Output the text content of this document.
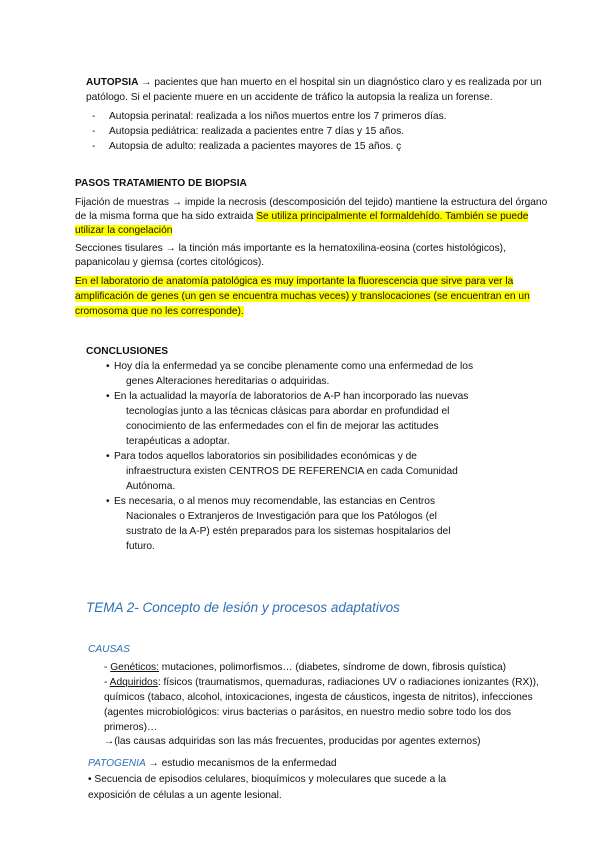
AUTOPSIA → pacientes que han muerto en el hospital sin un diagnóstico claro y es realizada por un
patólogo. Si el paciente muere en un accidente de tráfico la autopsia la realiza un forense.
- Autopsia perinatal: realizada a los niños muertos entre los 7 primeros días.
- Autopsia pediátrica: realizada a pacientes entre 7 días y 15 años.
- Autopsia de adulto: realizada a pacientes mayores de 15 años. ç
PASOS TRATAMIENTO DE BIOPSIA
Fijación de muestras → impide la necrosis (descomposición del tejido) mantiene la estructura del órgano
de la misma forma que ha sido extraida Se utiliza principalmente el formaldehído. También se puede
utilizar la congelación
Secciones tisulares → la tinción más importante es la hematoxilina-eosina (cortes histológicos),
papanicolau y giemsa (cortes citológicos).
En el laboratorio de anatomía patológica es muy importante la fluorescencia que sirve para ver la
amplificación de genes (un gen se encuentra muchas veces) y translocaciones (se encuentran en un
cromosoma que no les corresponde).
CONCLUSIONES
• Hoy día la enfermedad ya se concibe plenamente como una enfermedad de los
genes Alteraciones hereditarias o adquiridas.
• En la actualidad la mayoría de laboratorios de A-P han incorporado las nuevas
tecnologías junto a las técnicas clásicas para abordar en profundidad el
conocimiento de las enfermedades con el fin de mejorar las actitudes
terapéuticas a adoptar.
• Para todos aquellos laboratorios sin posibilidades económicas y de
infraestructura existen CENTROS DE REFERENCIA en cada Comunidad
Autónoma.
• Es necesaria, o al menos muy recomendable, las estancias en Centros
Nacionales o Extranjeros de Investigación para que los Patólogos (el
sustrato de la A-P) estén preparados para los sistemas hospitalarios del
futuro.
TEMA 2- Concepto de lesión y procesos adaptativos
CAUSAS
- Genéticos: mutaciones, polimorfismos… (diabetes, síndrome de down, fibrosis quística)
- Adquiridos: físicos (traumatismos, quemaduras, radiaciones UV o radiaciones ionizantes (RX)),
químicos (tabaco, alcohol, intoxicaciones, ingesta de cáusticos, ingesta de nitritos), infecciones
(agentes microbiológicos: virus bacterias o parásitos, en nuestro medio sobre todo los dos
primeros)…
→(las causas adquiridas son las más frecuentes, producidas por agentes externos)
PATOGENIA → estudio mecanismos de la enfermedad
• Secuencia de episodios celulares, bioquímicos y moleculares que sucede a la
exposición de células a un agente lesional.
